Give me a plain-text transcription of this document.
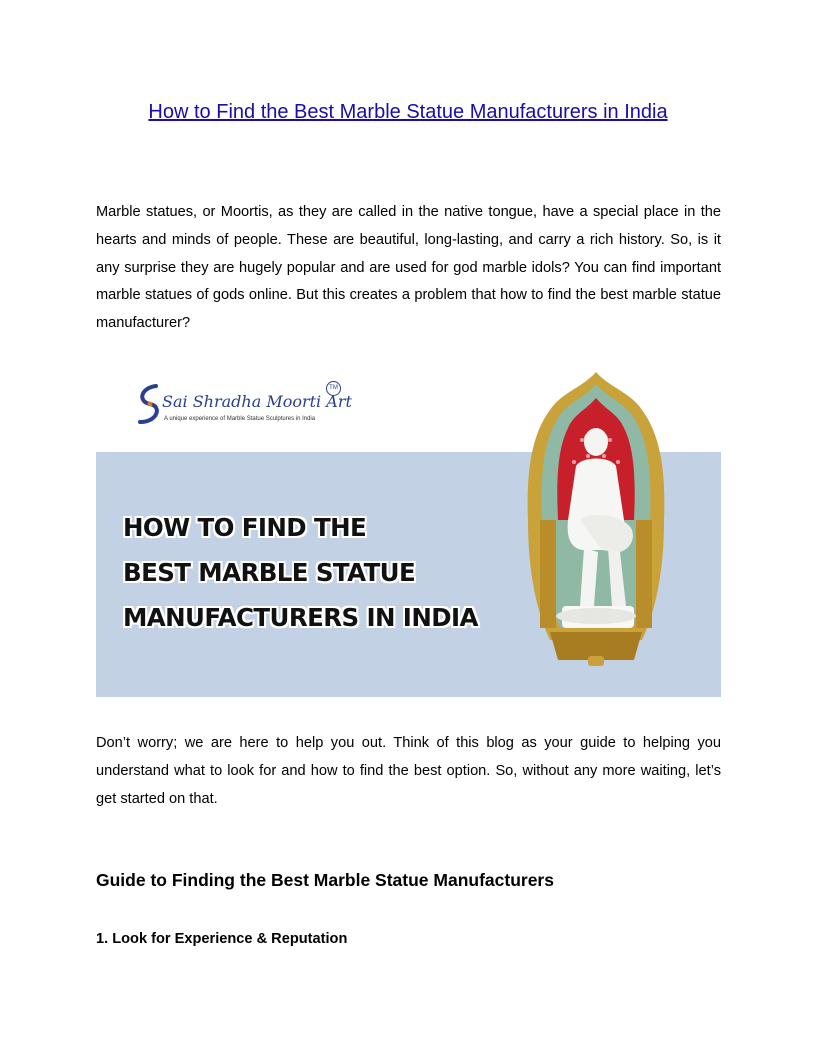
How to Find the Best Marble Statue Manufacturers in India

Marble statues, or Moortis, as they are called in the native tongue, have a special place in the hearts and minds of people. These are beautiful, long-lasting, and carry a rich history. So, is it any surprise they are hugely popular and are used for god marble idols? You can find important marble statues of gods online. But this creates a problem that how to find the best marble statue manufacturer?

Sai Shradha Moorti Art
TM
A unique experience of Marble Statue Sculptures in India
HOW TO FIND THE
BEST MARBLE STATUE
MANUFACTURERS IN INDIA

Don’t worry; we are here to help you out. Think of this blog as your guide to helping you understand what to look for and how to find the best option. So, without any more waiting, let’s get started on that.

Guide to Finding the Best Marble Statue Manufacturers
1. Look for Experience & Reputation
